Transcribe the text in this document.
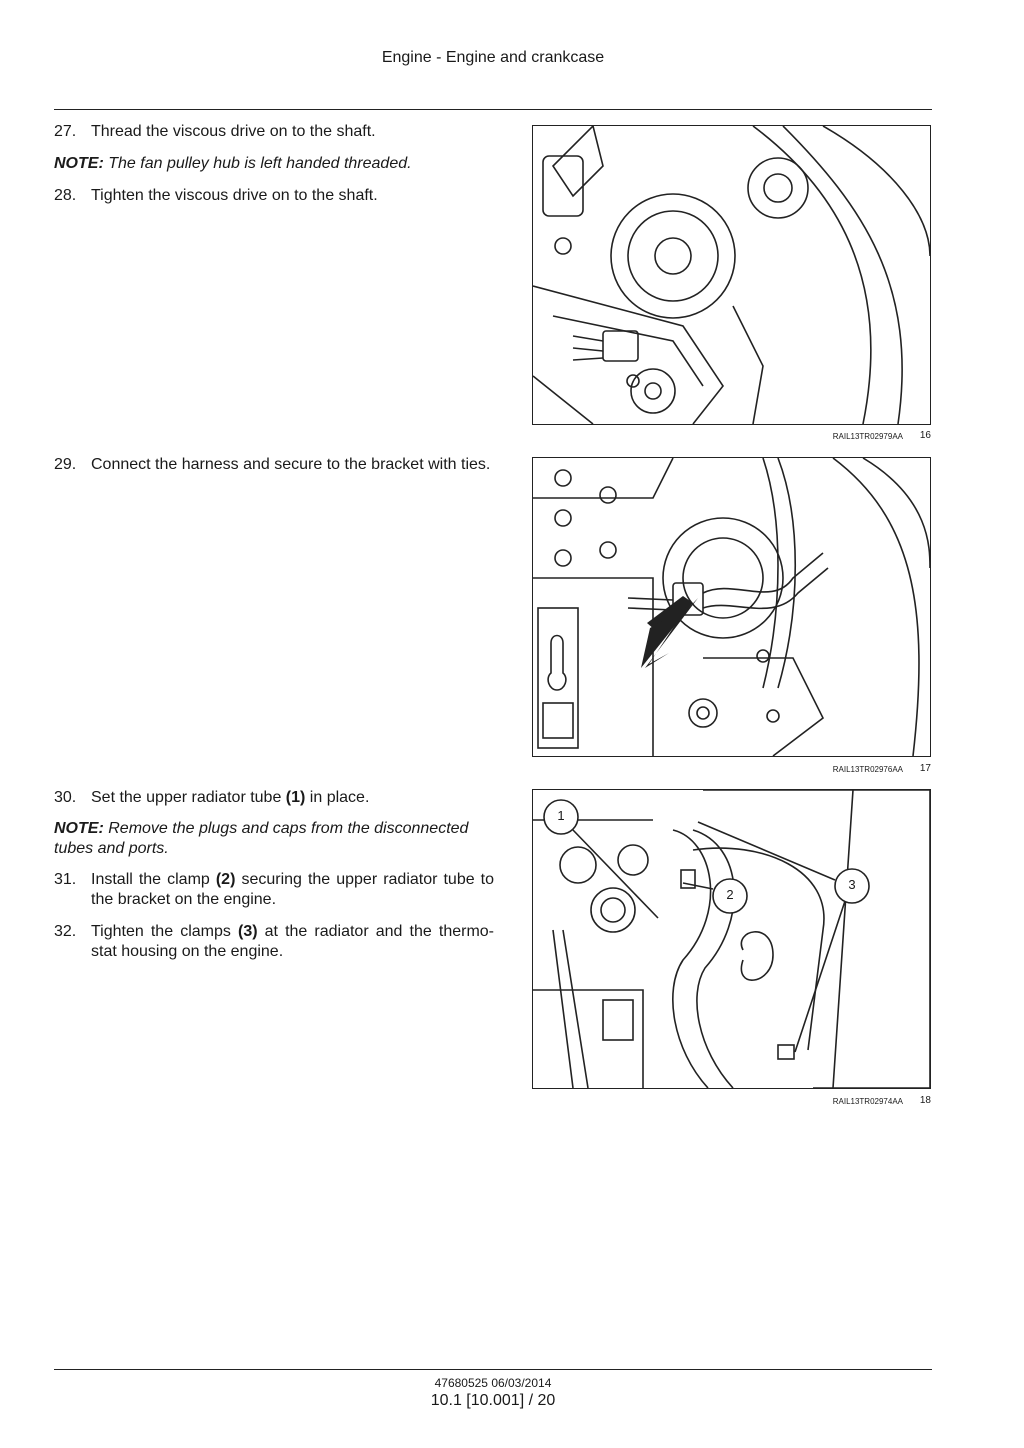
Engine - Engine and crankcase
27. Thread the viscous drive on to the shaft.
NOTE: The fan pulley hub is left handed threaded.
28. Tighten the viscous drive on to the shaft.
RAIL13TR02979AA	16
29. Connect the harness and secure to the bracket with ties.
RAIL13TR02976AA	17
30. Set the upper radiator tube (1) in place.
NOTE: Remove the plugs and caps from the disconnected tubes and ports.
31. Install the clamp (2) securing the upper radiator tube to the bracket on the engine.
32. Tighten the clamps (3) at the radiator and the thermo-stat housing on the engine.
1
2
3
RAIL13TR02974AA	18
47680525 06/03/2014
10.1 [10.001] / 20
